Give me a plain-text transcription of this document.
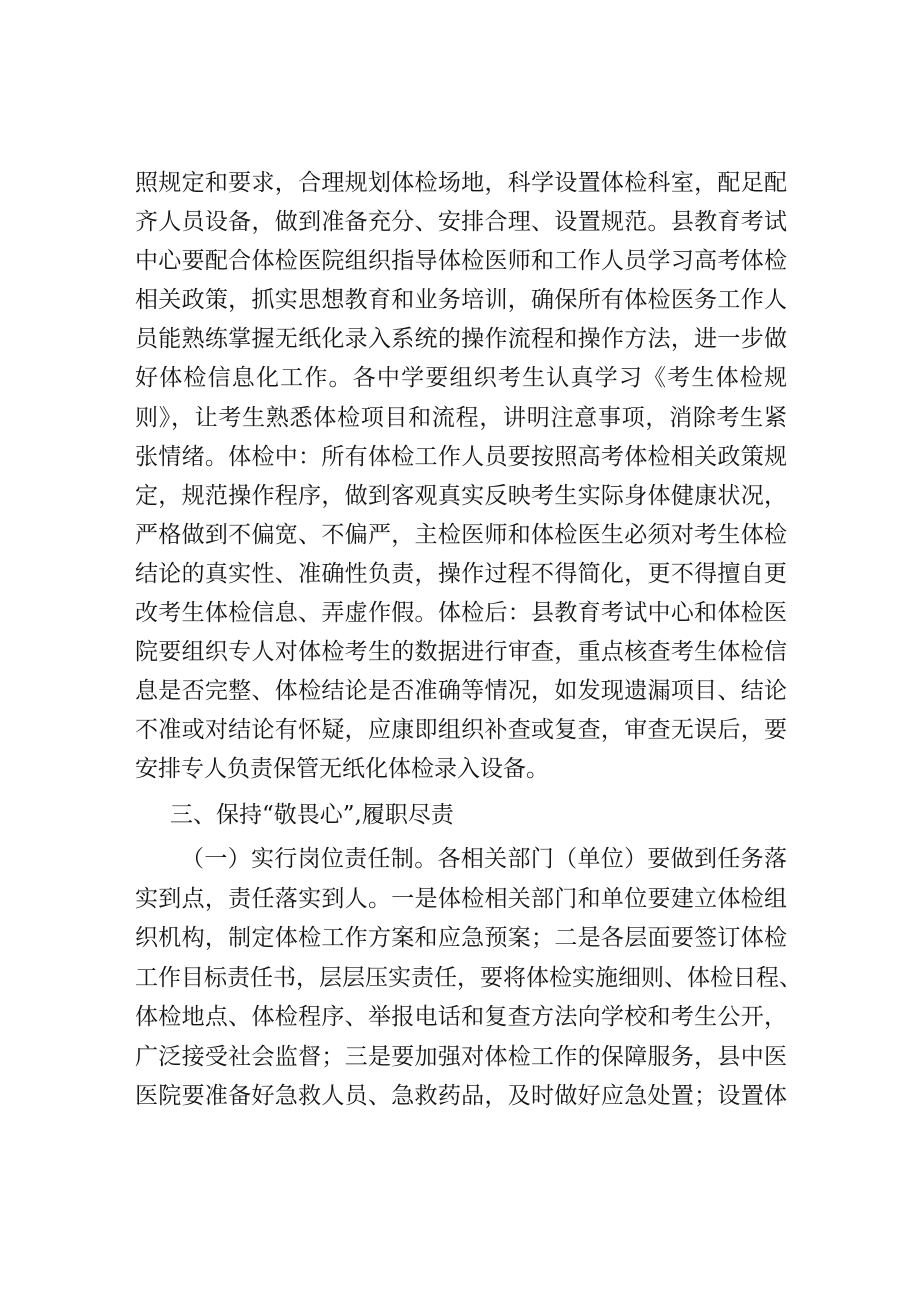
照规定和要求，合理规划体检场地，科学设置体检科室，配足配
齐人员设备，做到准备充分、安排合理、设置规范。县教育考试
中心要配合体检医院组织指导体检医师和工作人员学习高考体检
相关政策，抓实思想教育和业务培训，确保所有体检医务工作人
员能熟练掌握无纸化录入系统的操作流程和操作方法，进一步做
好体检信息化工作。各中学要组织考生认真学习《考生体检规
则》，让考生熟悉体检项目和流程，讲明注意事项，消除考生紧
张情绪。体检中：所有体检工作人员要按照高考体检相关政策规
定，规范操作程序，做到客观真实反映考生实际身体健康状况，
严格做到不偏宽、不偏严，主检医师和体检医生必须对考生体检
结论的真实性、准确性负责，操作过程不得简化，更不得擅自更
改考生体检信息、弄虚作假。体检后：县教育考试中心和体检医
院要组织专人对体检考生的数据进行审查，重点核查考生体检信
息是否完整、体检结论是否准确等情况，如发现遗漏项目、结论
不准或对结论有怀疑，应康即组织补查或复查，审查无误后，要
安排专人负责保管无纸化体检录入设备。
三、保持“敬畏心”,履职尽责
（一）实行岗位责任制。各相关部门（单位）要做到任务落
实到点，责任落实到人。一是体检相关部门和单位要建立体检组
织机构，制定体检工作方案和应急预案；二是各层面要签订体检
工作目标责任书，层层压实责任，要将体检实施细则、体检日程、
体检地点、体检程序、举报电话和复查方法向学校和考生公开，
广泛接受社会监督；三是要加强对体检工作的保障服务，县中医
医院要准备好急救人员、急救药品，及时做好应急处置；设置体
